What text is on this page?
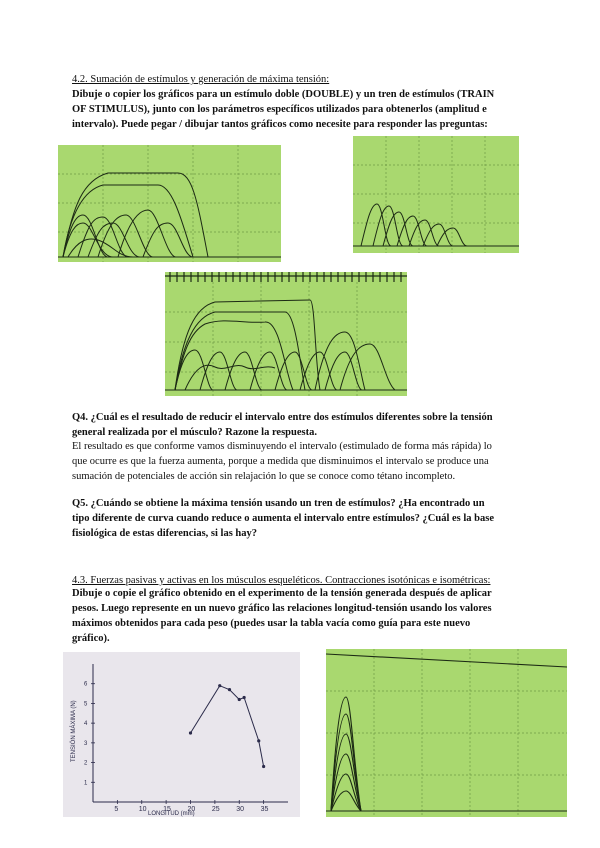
4.2. Sumación de estímulos y generación de máxima tensión:
Dibuje o copier los gráficos para un estímulo doble (DOUBLE) y un tren de estímulos (TRAIN
OF STIMULUS), junto con los parámetros específicos utilizados para obtenerlos (amplitud e
intervalo). Puede pegar / dibujar tantos gráficos como necesite para responder las preguntas:
Q4. ¿Cuál es el resultado de reducir el intervalo entre dos estímulos diferentes sobre la tensión
general realizada por el músculo? Razone la respuesta.
El resultado es que conforme vamos disminuyendo el intervalo (estimulado de forma más rápida) lo
que ocurre es que la fuerza aumenta, porque a medida que disminuimos el intervalo se produce una
sumación de potenciales de acción sin relajación lo que se conoce como tétano incompleto.
Q5. ¿Cuándo se obtiene la máxima tensión usando un tren de estímulos? ¿Ha encontrado un
tipo diferente de curva cuando reduce o aumenta el intervalo entre estímulos? ¿Cuál es la base
fisiológica de estas diferencias, si las hay?
4.3. Fuerzas pasivas y activas en los músculos esqueléticos. Contracciones isotónicas e isométricas:
Dibuje o copie el gráfico obtenido en el experimento de la tensión generada después de aplicar
pesos. Luego represente en un nuevo gráfico las relaciones longitud-tensión usando los valores
máximos obtenidos para cada peso (puedes usar la tabla vacía como guía para este nuevo
gráfico).
5	10 15 20 25 30 35
1
2
3
4
5
6
TENSIÓN MÁXIMA (N)
LONGITUD (mm)
